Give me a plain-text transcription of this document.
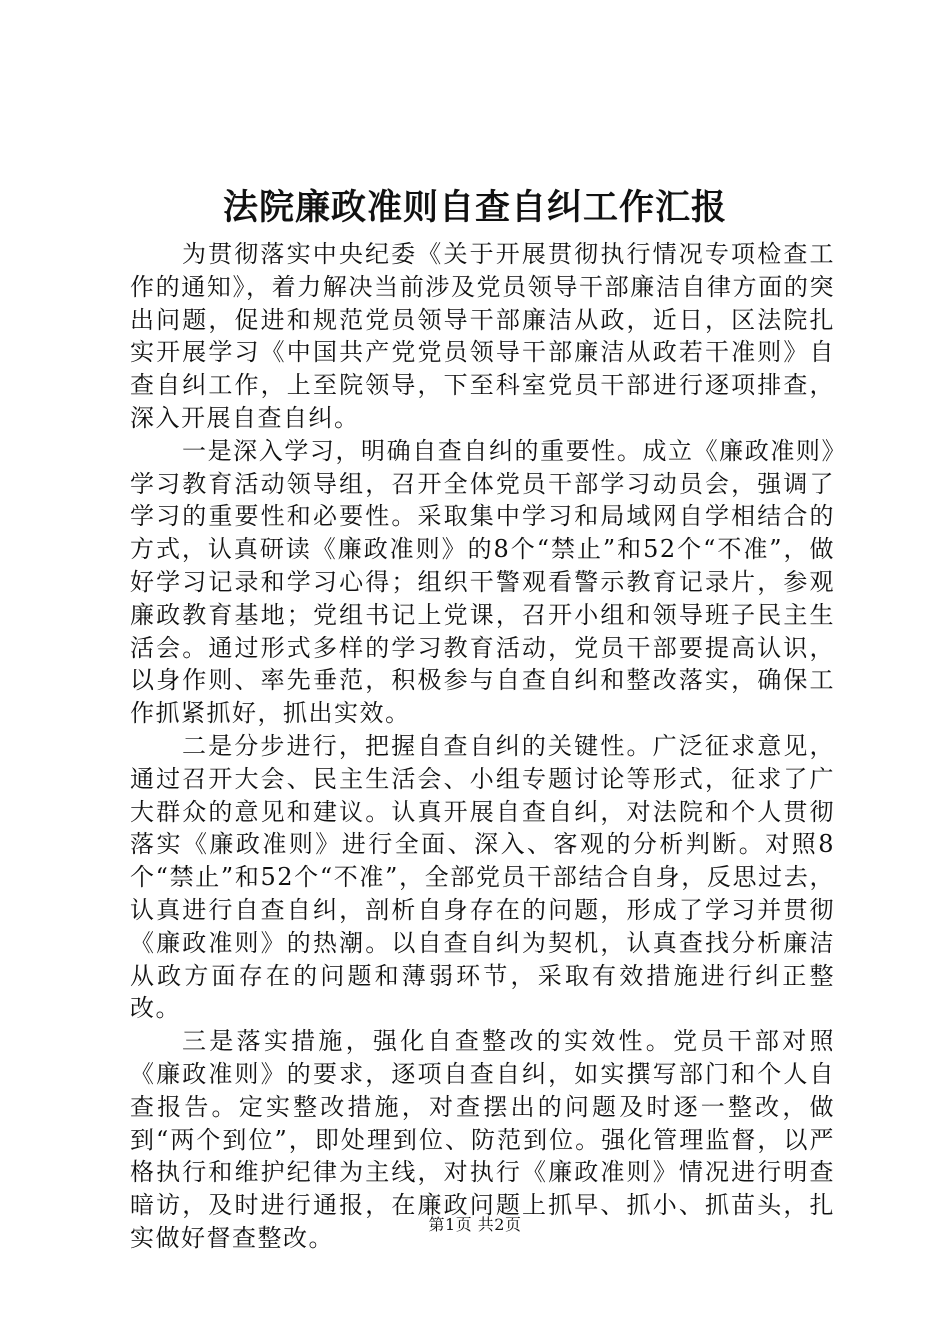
法院廉政准则自查自纠工作汇报

为贯彻落实中央纪委《关于开展贯彻执行情况专项检查工作的通知》，着力解决当前涉及党员领导干部廉洁自律方面的突出问题，促进和规范党员领导干部廉洁从政，近日，区法院扎实开展学习《中国共产党党员领导干部廉洁从政若干准则》自查自纠工作，上至院领导，下至科室党员干部进行逐项排查，深入开展自查自纠。

一是深入学习，明确自查自纠的重要性。成立《廉政准则》学习教育活动领导组，召开全体党员干部学习动员会，强调了学习的重要性和必要性。采取集中学习和局域网自学相结合的方式，认真研读《廉政准则》的8个“禁止”和52个“不准”，做好学习记录和学习心得；组织干警观看警示教育记录片，参观廉政教育基地；党组书记上党课，召开小组和领导班子民主生活会。通过形式多样的学习教育活动，党员干部要提高认识，以身作则、率先垂范，积极参与自查自纠和整改落实，确保工作抓紧抓好，抓出实效。

二是分步进行，把握自查自纠的关键性。广泛征求意见，通过召开大会、民主生活会、小组专题讨论等形式，征求了广大群众的意见和建议。认真开展自查自纠，对法院和个人贯彻落实《廉政准则》进行全面、深入、客观的分析判断。对照8个“禁止”和52个“不准”，全部党员干部结合自身，反思过去，认真进行自查自纠，剖析自身存在的问题，形成了学习并贯彻《廉政准则》的热潮。以自查自纠为契机，认真查找分析廉洁从政方面存在的问题和薄弱环节，采取有效措施进行纠正整改。

三是落实措施，强化自查整改的实效性。党员干部对照《廉政准则》的要求，逐项自查自纠，如实撰写部门和个人自查报告。定实整改措施，对查摆出的问题及时逐一整改，做到“两个到位”，即处理到位、防范到位。强化管理监督，以严格执行和维护纪律为主线，对执行《廉政准则》情况进行明查暗访，及时进行通报，在廉政问题上抓早、抓小、抓苗头，扎实做好督查整改。	第1页 共2页
